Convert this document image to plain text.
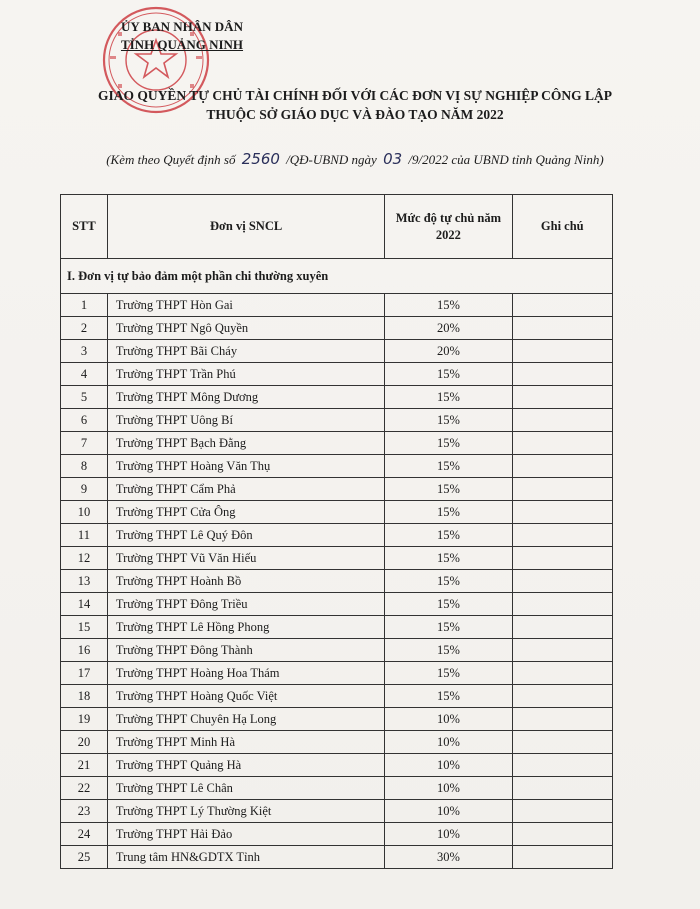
ỦY BAN NHÂN DÂN
TỈNH QUẢNG NINH
GIAO QUYỀN TỰ CHỦ TÀI CHÍNH ĐỐI VỚI CÁC ĐƠN VỊ SỰ NGHIỆP CÔNG LẬP
THUỘC SỞ GIÁO DỤC VÀ ĐÀO TẠO NĂM 2022
(Kèm theo Quyết định số 2560 /QĐ-UBND ngày 03 /9/2022 của UBND tỉnh Quảng Ninh)
STT	Đơn vị SNCL	Mức độ tự chủ năm 2022	Ghi chú
I. Đơn vị tự bảo đảm một phần chi thường xuyên			
1	Trường THPT Hòn Gai	15%	
2	Trường THPT Ngô Quyền	20%	
3	Trường THPT Bãi Cháy	20%	
4	Trường THPT Trần Phú	15%	
5	Trường THPT Mông Dương	15%	
6	Trường THPT Uông Bí	15%	
7	Trường THPT Bạch Đằng	15%	
8	Trường THPT Hoàng Văn Thụ	15%	
9	Trường THPT Cẩm Phả	15%	
10	Trường THPT Cửa Ông	15%	
11	Trường THPT Lê Quý Đôn	15%	
12	Trường THPT Vũ Văn Hiếu	15%	
13	Trường THPT Hoành Bồ	15%	
14	Trường THPT Đông Triều	15%	
15	Trường THPT Lê Hồng Phong	15%	
16	Trường THPT Đông Thành	15%	
17	Trường THPT Hoàng Hoa Thám	15%	
18	Trường THPT Hoàng Quốc Việt	15%	
19	Trường THPT Chuyên Hạ Long	10%	
20	Trường THPT Minh Hà	10%	
21	Trường THPT Quảng Hà	10%	
22	Trường THPT Lê Chân	10%	
23	Trường THPT Lý Thường Kiệt	10%	
24	Trường THPT Hải Đảo	10%	
25	Trung tâm HN&GDTX Tỉnh	30%	
